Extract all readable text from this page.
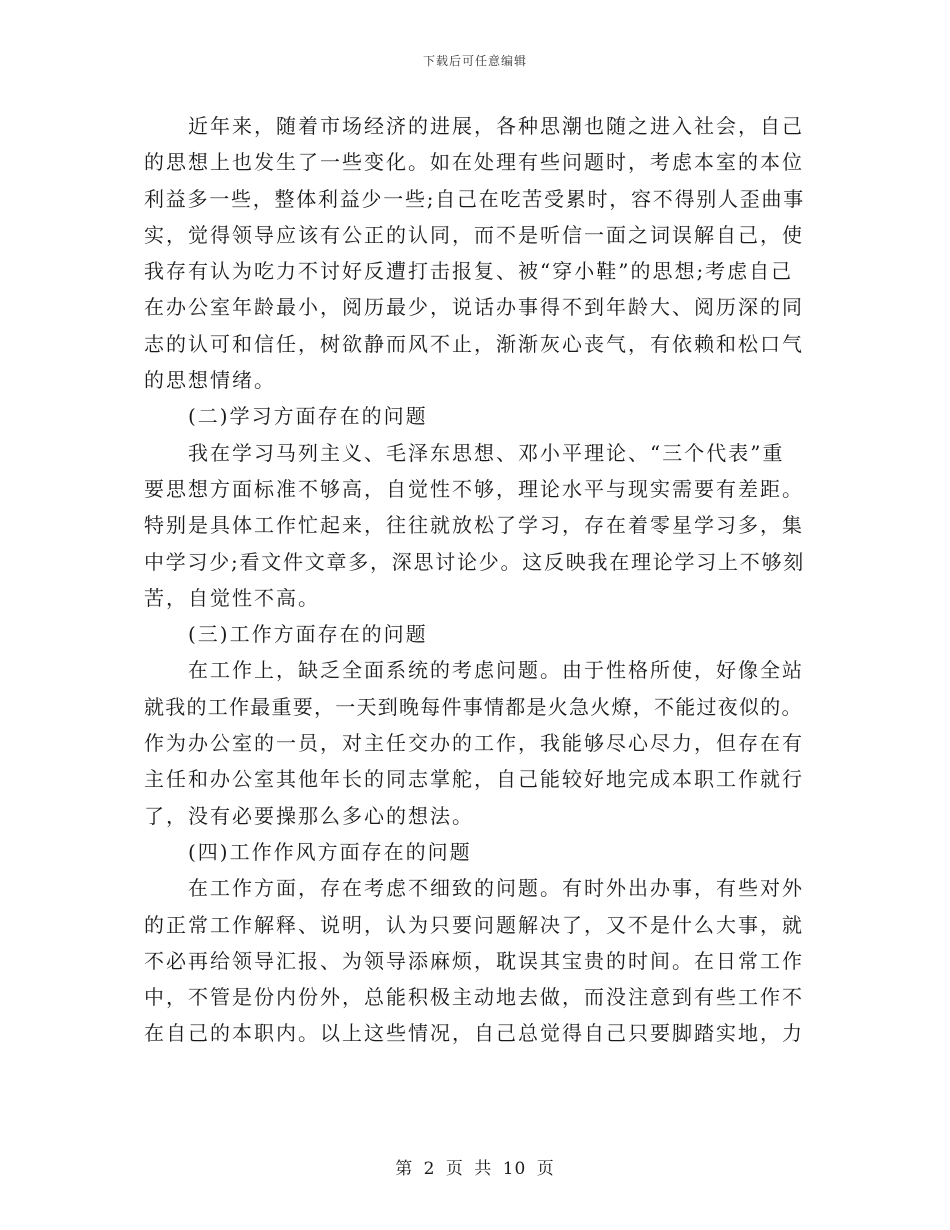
下载后可任意编辑
近年来，随着市场经济的进展，各种思潮也随之进入社会，自己
的思想上也发生了一些变化。如在处理有些问题时，考虑本室的本位
利益多一些，整体利益少一些;自己在吃苦受累时，容不得别人歪曲事
实，觉得领导应该有公正的认同，而不是听信一面之词误解自己，使
我存有认为吃力不讨好反遭打击报复、被“穿小鞋”的思想;考虑自己
在办公室年龄最小，阅历最少，说话办事得不到年龄大、阅历深的同
志的认可和信任，树欲静而风不止，渐渐灰心丧气，有依赖和松口气
的思想情绪。
(二)学习方面存在的问题
我在学习马列主义、毛泽东思想、邓小平理论、“三个代表”重
要思想方面标准不够高，自觉性不够，理论水平与现实需要有差距。
特别是具体工作忙起来，往往就放松了学习，存在着零星学习多，集
中学习少;看文件文章多，深思讨论少。这反映我在理论学习上不够刻
苦，自觉性不高。
(三)工作方面存在的问题
在工作上，缺乏全面系统的考虑问题。由于性格所使，好像全站
就我的工作最重要，一天到晚每件事情都是火急火燎，不能过夜似的。
作为办公室的一员，对主任交办的工作，我能够尽心尽力，但存在有
主任和办公室其他年长的同志掌舵，自己能较好地完成本职工作就行
了，没有必要操那么多心的想法。
(四)工作作风方面存在的问题
在工作方面，存在考虑不细致的问题。有时外出办事，有些对外
的正常工作解释、说明，认为只要问题解决了，又不是什么大事，就
不必再给领导汇报、为领导添麻烦，耽误其宝贵的时间。在日常工作
中，不管是份内份外，总能积极主动地去做，而没注意到有些工作不
在自己的本职内。以上这些情况，自己总觉得自己只要脚踏实地，力
第 2 页 共 10 页
